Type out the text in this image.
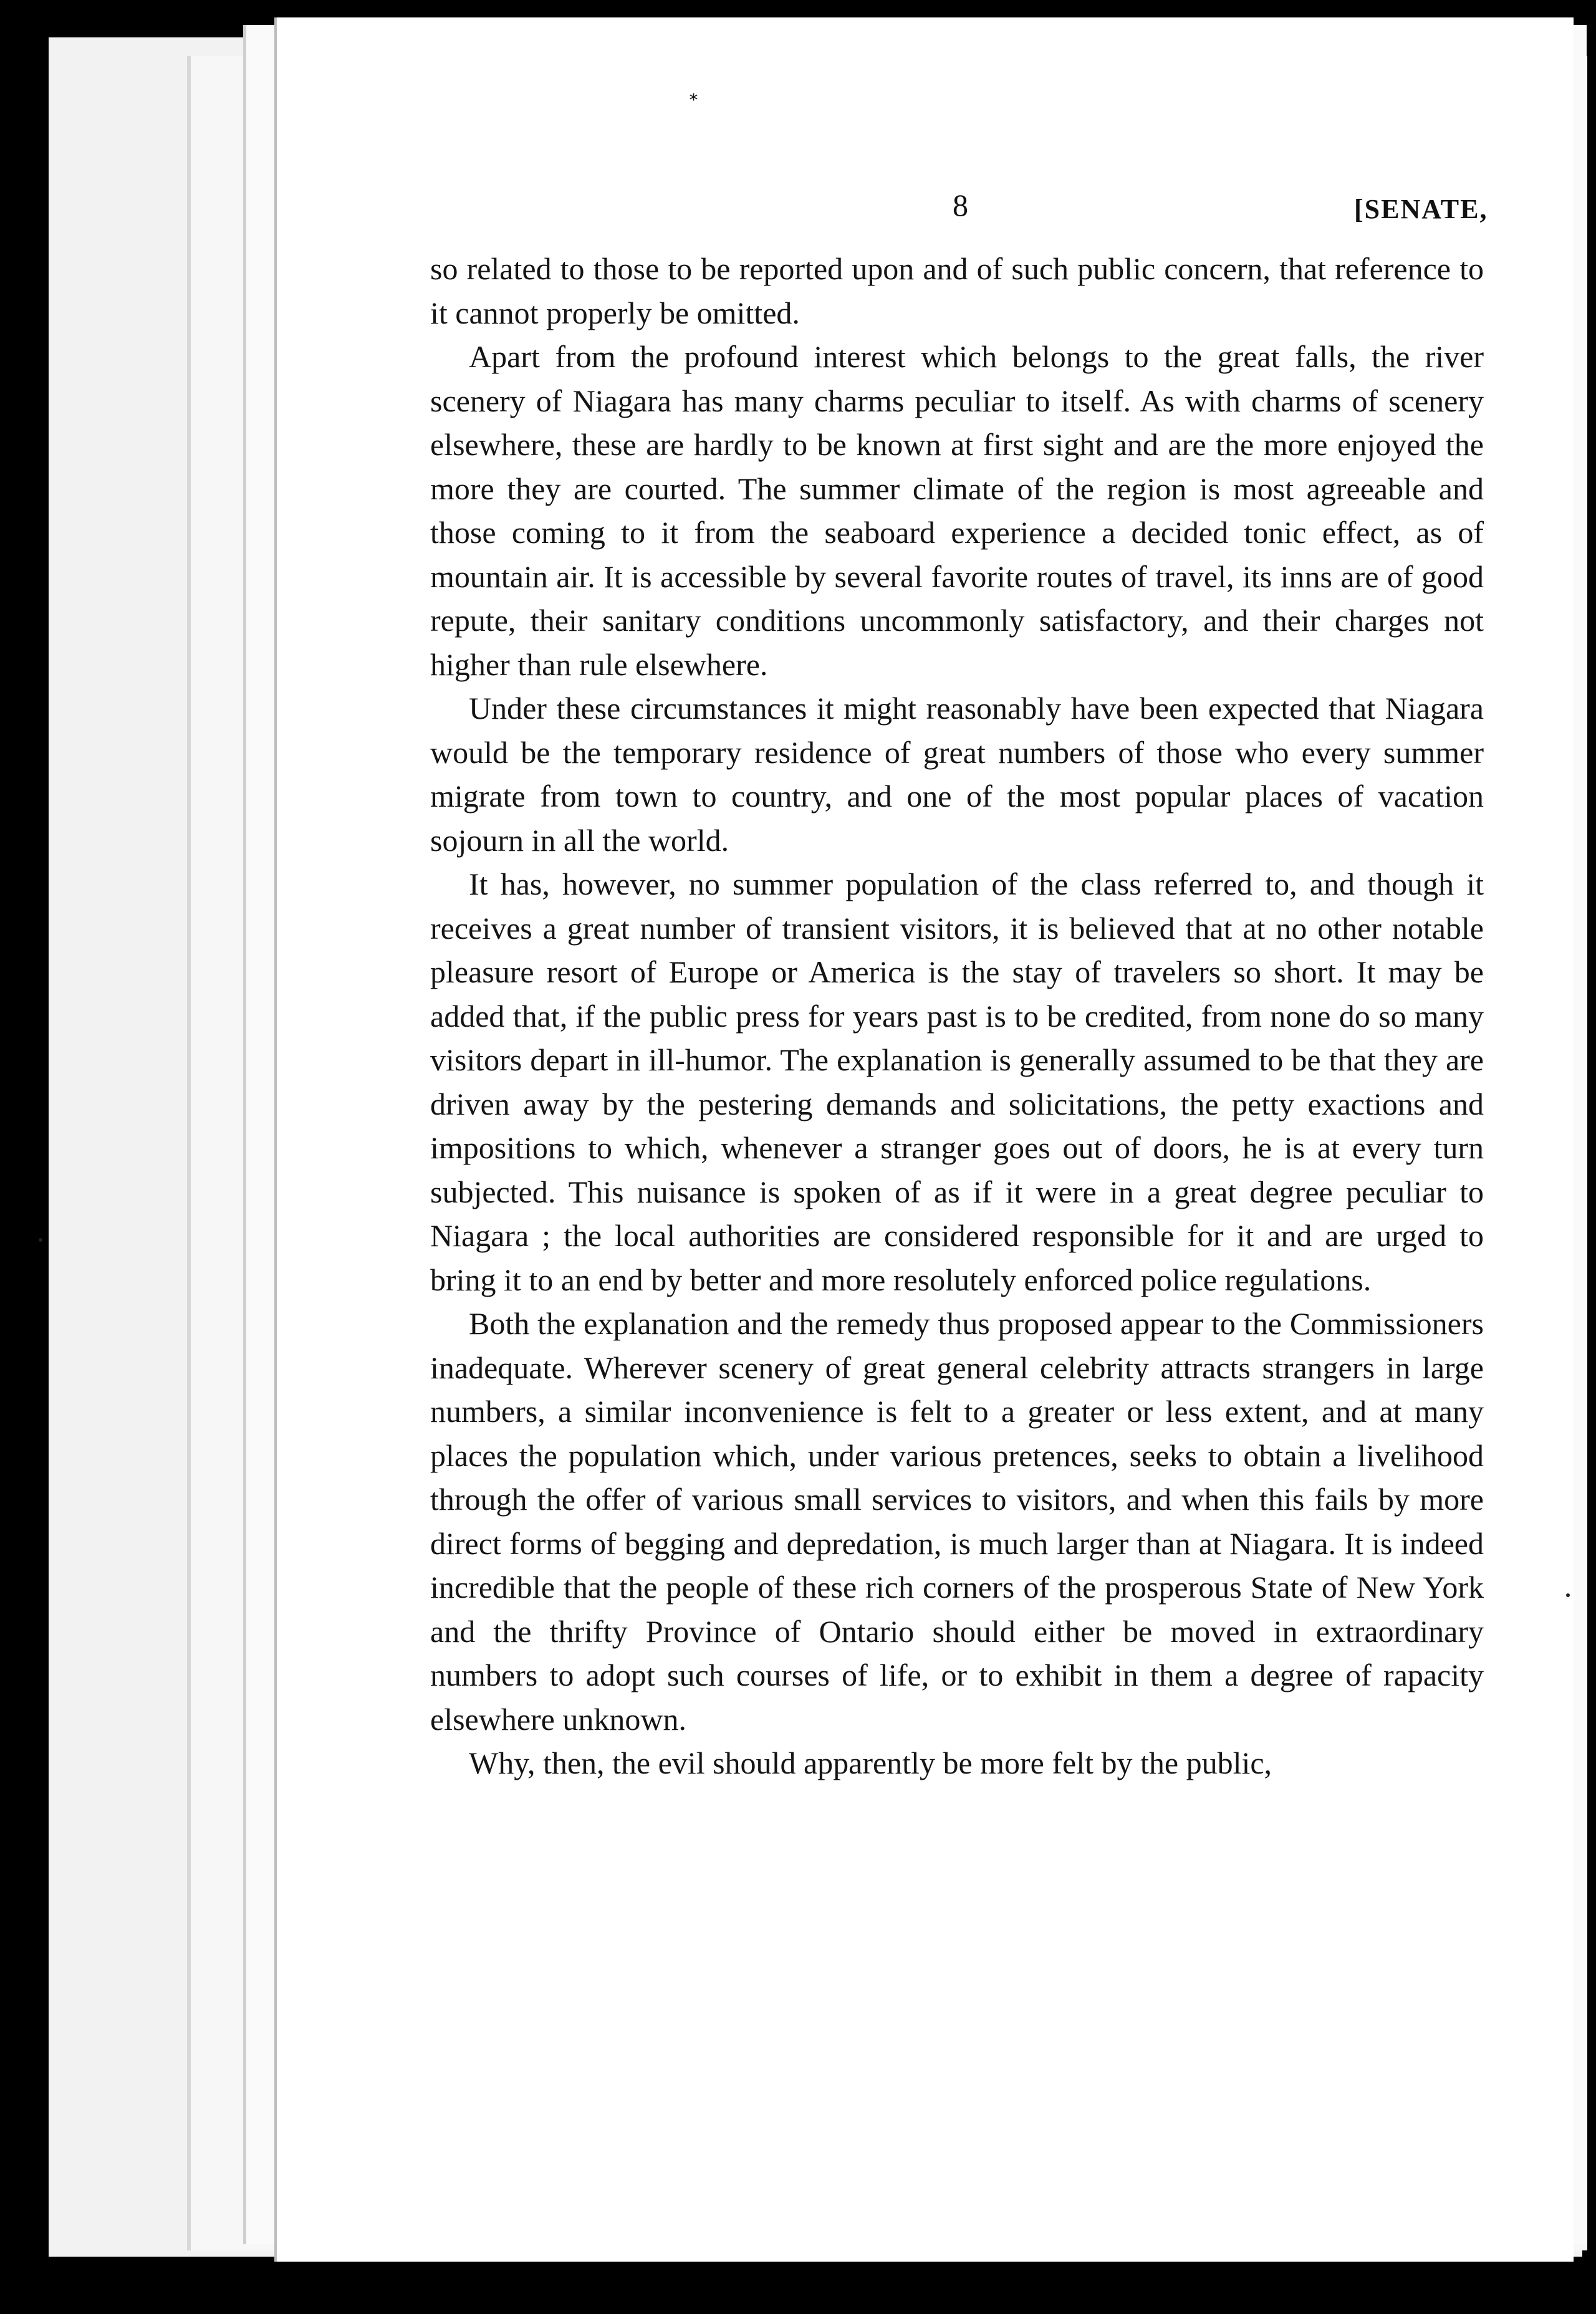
*
8	[SENATE,

so related to those to be reported upon and of such public concern, that reference to it cannot properly be omitted.

Apart from the profound interest which belongs to the great falls, the river scenery of Niagara has many charms peculiar to itself. As with charms of scenery elsewhere, these are hardly to be known at first sight and are the more enjoyed the more they are courted. The summer climate of the region is most agreeable and those coming to it from the seaboard experience a decided tonic effect, as of mountain air. It is accessible by several favorite routes of travel, its inns are of good repute, their sanitary conditions uncommonly satisfactory, and their charges not higher than rule elsewhere.

Under these circumstances it might reasonably have been expected that Niagara would be the temporary residence of great numbers of those who every summer migrate from town to country, and one of the most popular places of vacation sojourn in all the world.

It has, however, no summer population of the class referred to, and though it receives a great number of transient visitors, it is believed that at no other notable pleasure resort of Europe or America is the stay of travelers so short. It may be added that, if the public press for years past is to be credited, from none do so many visitors depart in ill-humor. The explanation is generally assumed to be that they are driven away by the pestering demands and solicitations, the petty exactions and impositions to which, whenever a stranger goes out of doors, he is at every turn subjected. This nuisance is spoken of as if it were in a great degree peculiar to Niagara ; the local authorities are considered responsible for it and are urged to bring it to an end by better and more resolutely enforced police regulations.

Both the explanation and the remedy thus proposed appear to the Commissioners inadequate. Wherever scenery of great general celebrity attracts strangers in large numbers, a similar inconvenience is felt to a greater or less extent, and at many places the population which, under various pretences, seeks to obtain a livelihood through the offer of various small services to visitors, and when this fails by more direct forms of begging and depredation, is much larger than at Niagara. It is indeed incredible that the people of these rich corners of the prosperous State of New York and the thrifty Province of Ontario should either be moved in extraordinary numbers to adopt such courses of life, or to exhibit in them a degree of rapacity elsewhere unknown.

Why, then, the evil should apparently be more felt by the public,
